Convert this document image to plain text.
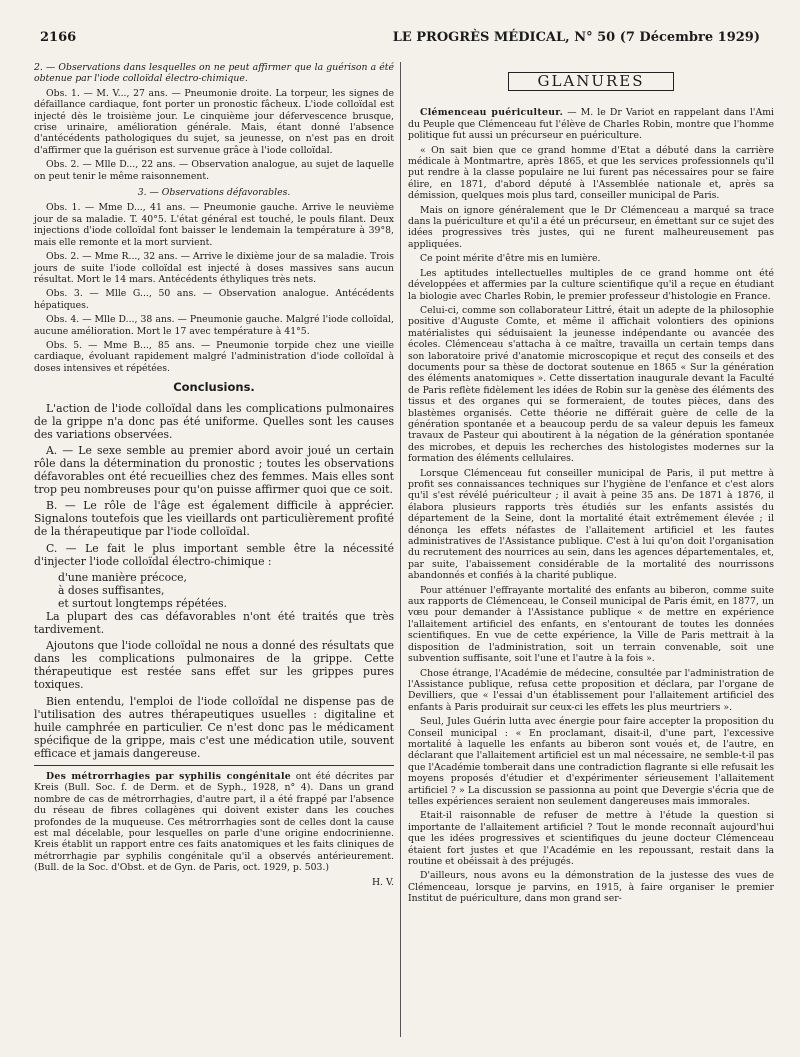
2166	LE PROGRÈS MÉDICAL, N° 50 (7 Décembre 1929)

2. — Observations dans lesquelles on ne peut affirmer que la guérison a été obtenue par l'iode colloïdal électro-chimique.

Obs. 1. — M. V..., 27 ans. — Pneumonie droite. La torpeur, les signes de défaillance cardiaque, font porter un pronostic fâcheux. L'iode colloïdal est injecté dès le troisième jour. Le cinquième jour défervescence brusque, crise urinaire, amélioration générale. Mais, étant donné l'absence d'antécédents pathologiques du sujet, sa jeunesse, on n'est pas en droit d'affirmer que la guérison est survenue grâce à l'iode colloïdal.

Obs. 2. — Mlle D..., 22 ans. — Observation analogue, au sujet de laquelle on peut tenir le même raisonnement.

3. — Observations défavorables.

Obs. 1. — Mme D..., 41 ans. — Pneumonie gauche. Arrive le neuvième jour de sa maladie. T. 40°5. L'état général est touché, le pouls filant. Deux injections d'iode colloïdal font baisser le lendemain la température à 39°8, mais elle remonte et la mort survient.

Obs. 2. — Mme R..., 32 ans. — Arrive le dixième jour de sa maladie. Trois jours de suite l'iode colloïdal est injecté à doses massives sans aucun résultat. Mort le 14 mars. Antécédents éthyliques très nets.

Obs. 3. — Mlle G..., 50 ans. — Observation analogue. Antécédents hépatiques.

Obs. 4. — Mlle D..., 38 ans. — Pneumonie gauche. Malgré l'iode colloïdal, aucune amélioration. Mort le 17 avec température à 41°5.

Obs. 5. — Mme B..., 85 ans. — Pneumonie torpide chez une vieille cardiaque, évoluant rapidement malgré l'administration d'iode colloïdal à doses intensives et répétées.

Conclusions.

L'action de l'iode colloïdal dans les complications pulmonaires de la grippe n'a donc pas été uniforme. Quelles sont les causes des variations observées.

A. — Le sexe semble au premier abord avoir joué un certain rôle dans la détermination du pronostic ; toutes les observations défavorables ont été recueillies chez des femmes. Mais elles sont trop peu nombreuses pour qu'on puisse affirmer quoi que ce soit.

B. — Le rôle de l'âge est également difficile à apprécier. Signalons toutefois que les vieillards ont particulièrement profité de la thérapeutique par l'iode colloïdal.

C. — Le fait le plus important semble être la nécessité d'injecter l'iode colloïdal électro-chimique :

d'une manière précoce,

à doses suffisantes,

et surtout longtemps répétées.

La plupart des cas défavorables n'ont été traités que très tardivement.

Ajoutons que l'iode colloïdal ne nous a donné des résultats que dans les complications pulmonaires de la grippe. Cette thérapeutique est restée sans effet sur les grippes pures toxiques.

Bien entendu, l'emploi de l'iode colloïdal ne dispense pas de l'utilisation des autres thérapeutiques usuelles : digitaline et huile camphrée en particulier. Ce n'est donc pas le médicament spécifique de la grippe, mais c'est une médication utile, souvent efficace et jamais dangereuse.

Des métrorrhagies par syphilis congénitale ont été décrites par Kreis (Bull. Soc. f. de Derm. et de Syph., 1928, n° 4). Dans un grand nombre de cas de métrorrhagies, d'autre part, il a été frappé par l'absence du réseau de fibres collagènes qui doivent exister dans les couches profondes de la muqueuse. Ces métrorrhagies sont de celles dont la cause est mal décelable, pour lesquelles on parle d'une origine endocrinienne. Kreis établit un rapport entre ces faits anatomiques et les faits cliniques de métrorrhagie par syphilis congénitale qu'il a observés antérieurement. (Bull. de la Soc. d'Obst. et de Gyn. de Paris, oct. 1929, p. 503.)

H. V.

GLANURES

Clémenceau puériculteur. — M. le Dr Variot en rappelant dans l'Ami du Peuple que Clémenceau fut l'élève de Charles Robin, montre que l'homme politique fut aussi un précurseur en puériculture.

« On sait bien que ce grand homme d'Etat a débuté dans la carrière médicale à Montmartre, après 1865, et que les services professionnels qu'il put rendre à la classe populaire ne lui furent pas nécessaires pour se faire élire, en 1871, d'abord député à l'Assemblée nationale et, après sa démission, quelques mois plus tard, conseiller municipal de Paris.

Mais on ignore généralement que le Dr Clémenceau a marqué sa trace dans la puériculture et qu'il a été un précurseur, en émettant sur ce sujet des idées progressives très justes, qui ne furent malheureusement pas appliquées.

Ce point mérite d'être mis en lumière.

Les aptitudes intellectuelles multiples de ce grand homme ont été développées et affermies par la culture scientifique qu'il a reçue en étudiant la biologie avec Charles Robin, le premier professeur d'histologie en France.

Celui-ci, comme son collaborateur Littré, était un adepte de la philosophie positive d'Auguste Comte, et même il affichait volontiers des opinions matérialistes qui séduisaient la jeunesse indépendante ou avancée des écoles. Clémenceau s'attacha à ce maître, travailla un certain temps dans son laboratoire privé d'anatomie microscopique et reçut des conseils et des documents pour sa thèse de doctorat soutenue en 1865 « Sur la génération des éléments anatomiques ». Cette dissertation inaugurale devant la Faculté de Paris reflète fidèlement les idées de Robin sur la genèse des éléments des tissus et des organes qui se formeraient, de toutes pièces, dans des blastèmes organisés. Cette théorie ne différait guère de celle de la génération spontanée et a beaucoup perdu de sa valeur depuis les fameux travaux de Pasteur qui aboutirent à la négation de la génération spontanée des microbes, et depuis les recherches des histologistes modernes sur la formation des éléments cellulaires.

Lorsque Clémenceau fut conseiller municipal de Paris, il put mettre à profit ses connaissances techniques sur l'hygiène de l'enfance et c'est alors qu'il s'est révélé puériculteur ; il avait à peine 35 ans. De 1871 à 1876, il élabora plusieurs rapports très étudiés sur les enfants assistés du département de la Seine, dont la mortalité était extrêmement élevée ; il dénonça les effets néfastes de l'allaitement artificiel et les fautes administratives de l'Assistance publique. C'est à lui qu'on doit l'organisation du recrutement des nourrices au sein, dans les agences départementales, et, par suite, l'abaissement considérable de la mortalité des nourrissons abandonnés et confiés à la charité publique.

Pour atténuer l'effrayante mortalité des enfants au biberon, comme suite aux rapports de Clémenceau, le Conseil municipal de Paris émit, en 1877, un vœu pour demander à l'Assistance publique « de mettre en expérience l'allaitement artificiel des enfants, en s'entourant de toutes les données scientifiques. En vue de cette expérience, la Ville de Paris mettrait à la disposition de l'administration, soit un terrain convenable, soit une subvention suffisante, soit l'une et l'autre à la fois ».

Chose étrange, l'Académie de médecine, consultée par l'administration de l'Assistance publique, refusa cette proposition et déclara, par l'organe de Devilliers, que « l'essai d'un établissement pour l'allaitement artificiel des enfants à Paris produirait sur ceux-ci les effets les plus meurtriers ».

Seul, Jules Guérin lutta avec énergie pour faire accepter la proposition du Conseil municipal : « En proclamant, disait-il, d'une part, l'excessive mortalité à laquelle les enfants au biberon sont voués et, de l'autre, en déclarant que l'allaitement artificiel est un mal nécessaire, ne semble-t-il pas que l'Académie tomberait dans une contradiction flagrante si elle refusait les moyens proposés d'étudier et d'expérimenter sérieusement l'allaitement artificiel ? » La discussion se passionna au point que Devergie s'écria que de telles expériences seraient non seulement dangereuses mais immorales.

Etait-il raisonnable de refuser de mettre à l'étude la question si importante de l'allaitement artificiel ? Tout le monde reconnaît aujourd'hui que les idées progressives et scientifiques du jeune docteur Clémenceau étaient fort justes et que l'Académie en les repoussant, restait dans la routine et obéissait à des préjugés.

D'ailleurs, nous avons eu la démonstration de la justesse des vues de Clémenceau, lorsque je parvins, en 1915, à faire organiser le premier Institut de puériculture, dans mon grand ser-
